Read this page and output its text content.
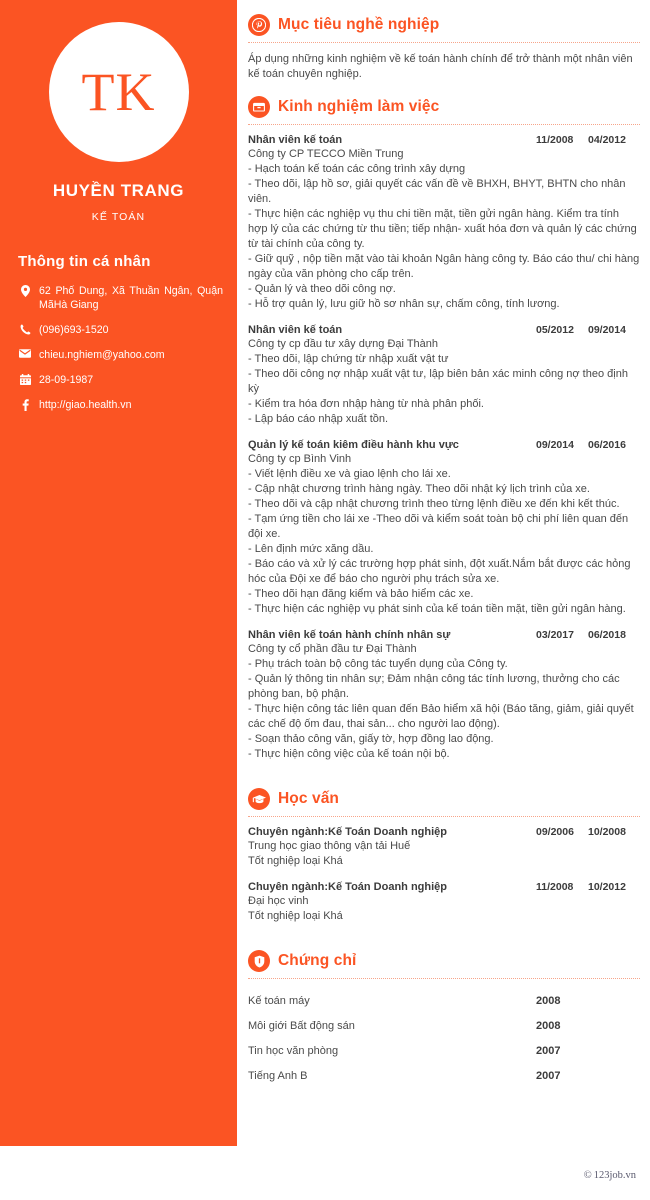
TK
HUYỀN TRANG
KẾ TOÁN
Thông tin cá nhân
62 Phố Dung, Xã Thuần Ngân, Quận MãHà Giang
(096)693-1520
chieu.nghiem@yahoo.com
28-09-1987
http://giao.health.vn
Mục tiêu nghề nghiệp
Áp dụng những kinh nghiệm về kế toán hành chính để trở thành một nhân viên kế toán chuyên nghiệp.
Kinh nghiệm làm việc
Nhân viên kế toán	11/2008	04/2012
Công ty CP TECCO Miền Trung
- Hạch toán kế toán các công trình xây dựng
- Theo dõi, lập hồ sơ, giải quyết các vấn đề về BHXH, BHYT, BHTN cho nhân viên.
- Thực hiện các nghiệp vụ thu chi tiền mặt, tiền gửi ngân hàng. Kiểm tra tính hợp lý của các chứng từ thu tiền; tiếp nhận- xuất hóa đơn và quản lý các chứng từ tài chính của công ty.
- Giữ quỹ , nộp tiền mặt vào tài khoản Ngân hàng công ty. Báo cáo thu/ chi hàng ngày của văn phòng cho cấp trên.
- Quản lý và theo dõi công nợ.
- Hỗ trợ quản lý, lưu giữ hồ sơ nhân sự, chấm công, tính lương.
Nhân viên kế toán	05/2012	09/2014
Công ty cp đầu tư xây dựng Đại Thành
- Theo dõi, lập chứng từ nhập xuất vật tư
- Theo dõi công nợ nhập xuất vật tư, lập biên bản xác minh công nợ theo định kỳ
- Kiểm tra hóa đơn nhập hàng từ nhà phân phối.
- Lập báo cáo nhập xuất tồn.
Quản lý kế toán kiêm điều hành khu vực	09/2014	06/2016
Công ty cp Bình Vinh
- Viết lệnh điều xe và giao lệnh cho lái xe.
- Cập nhật chương trình hàng ngày. Theo dõi nhật ký lịch trình của xe.
- Theo dõi và cập nhật chương trình theo từng lệnh điều xe đến khi kết thúc.
- Tạm ứng tiền cho lái xe -Theo dõi và kiểm soát toàn bộ chi phí liên quan đến đội xe.
- Lên định mức xăng dầu.
- Báo cáo và xử lý các trường hợp phát sinh, đột xuất.Nắm bắt được các hỏng hóc của Đội xe để báo cho người phụ trách sửa xe.
- Theo dõi hạn đăng kiểm và bảo hiểm các xe.
- Thực hiện các nghiệp vụ phát sinh của kế toán tiền mặt, tiền gửi ngân hàng.
Nhân viên kế toán hành chính nhân sự	03/2017	06/2018
Công ty cổ phần đầu tư Đại Thành
- Phụ trách toàn bộ công tác tuyển dụng của Công ty.
- Quản lý thông tin nhân sự; Đảm nhận công tác tính lương, thưởng cho các phòng ban, bộ phận.
- Thực hiện công tác liên quan đến Bảo hiểm xã hội (Báo tăng, giảm, giải quyết các chế độ ốm đau, thai sản... cho người lao động).
- Soạn thảo công văn, giấy tờ, hợp đồng lao động.
- Thực hiện công việc của kế toán nội bộ.
Học vấn
Chuyên ngành:Kế Toán Doanh nghiệp	09/2006	10/2008
Trung học giao thông vận tải Huế
Tốt nghiệp loại Khá
Chuyên ngành:Kế Toán Doanh nghiệp	11/2008	10/2012
Đại học vinh
Tốt nghiệp loại Khá
Chứng chỉ
Kế toán máy	2008
Môi giới Bất động sán	2008
Tin học văn phòng	2007
Tiếng Anh B	2007
© 123job.vn
